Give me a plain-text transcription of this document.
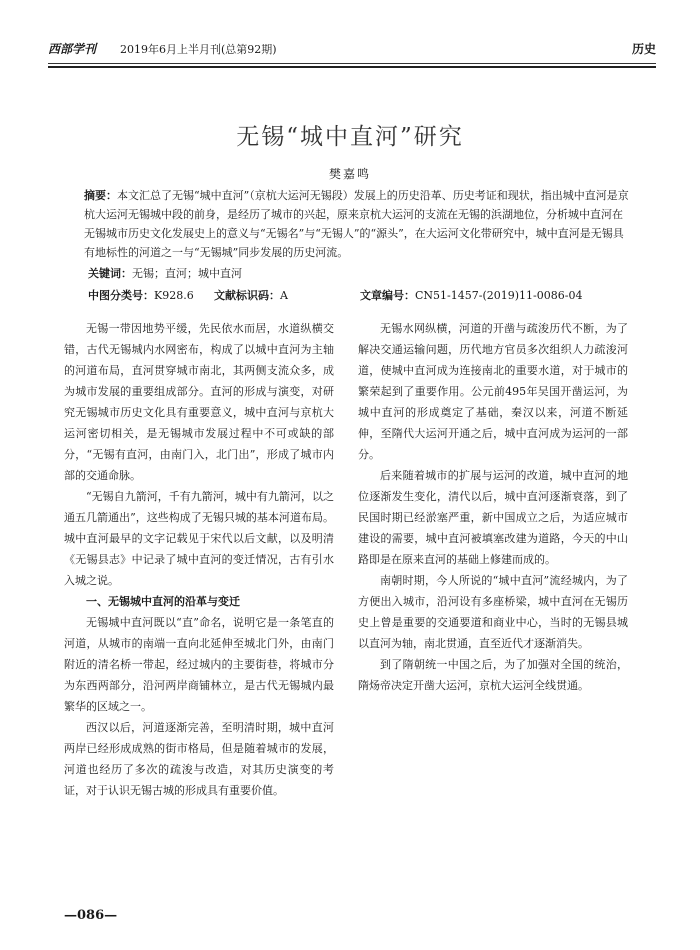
西部学刊 2019年6月上半月刊(总第92期)	历史
无锡“城中直河”研究
樊嘉鸣
摘要：本文汇总了无锡“城中直河”（京杭大运河无锡段）发展上的历史沿革、历史考证和现状，指出城中直河是京杭大运河无锡城中段的前身，是经历了城市的兴起，原来京杭大运河的支流在无锡的浜湖地位，分析城中直河在无锡城市历史文化发展史上的意义与“无锡名”与“无锡人”的“源头”，在大运河文化带研究中，城中直河是无锡具有地标性的河道之一与“无锡城”同步发展的历史河流。
关键词：无锡；直河；城中直河
中图分类号：K928.6 文献标识码：A	文章编号：CN51-1457-(2019)11-0086-04

无锡一带因地势平缓，先民依水而居，水道纵横交错，古代无锡城内水网密布，构成了以城中直河为主轴的河道布局，直河贯穿城市南北，其两侧支流众多，成为城市发展的重要组成部分。直河的形成与演变，对研究无锡城市历史文化具有重要意义，城中直河与京杭大运河密切相关，是无锡城市发展过程中不可或缺的部分，“无锡有直河，由南门入，北门出”，形成了城市内部的交通命脉。

“无锡自九箭河，千有九箭河，城中有九箭河，以之通五几箭通出”，这些构成了无锡只城的基本河道布局。城中直河最早的文字记载见于宋代以后文献，以及明清《无锡县志》中记录了城中直河的变迁情况，古有引水入城之说。

一、无锡城中直河的沿革与变迁

无锡城中直河既以“直”命名，说明它是一条笔直的河道，从城市的南端一直向北延伸至城北门外，由南门附近的清名桥一带起，经过城内的主要街巷，将城市分为东西两部分，沿河两岸商铺林立，是古代无锡城内最繁华的区域之一。

西汉以后，河道逐渐完善，至明清时期，城中直河两岸已经形成成熟的街市格局，但是随着城市的发展，河道也经历了多次的疏浚与改造，对其历史演变的考证，对于认识无锡古城的形成具有重要价值。

无锡水网纵横，河道的开凿与疏浚历代不断，为了解决交通运输问题，历代地方官员多次组织人力疏浚河道，使城中直河成为连接南北的重要水道，对于城市的繁荣起到了重要作用。公元前495年吴国开凿运河，为城中直河的形成奠定了基础，秦汉以来，河道不断延伸，至隋代大运河开通之后，城中直河成为运河的一部分。

后来随着城市的扩展与运河的改道，城中直河的地位逐渐发生变化，清代以后，城中直河逐渐衰落，到了民国时期已经淤塞严重，新中国成立之后，为适应城市建设的需要，城中直河被填塞改建为道路，今天的中山路即是在原来直河的基础上修建而成的。

南朝时期，今人所说的“城中直河”流经城内，为了方便出入城市，沿河设有多座桥梁，城中直河在无锡历史上曾是重要的交通要道和商业中心，当时的无锡县城以直河为轴，南北贯通，直至近代才逐渐消失。

到了隋朝统一中国之后，为了加强对全国的统治，隋炀帝决定开凿大运河，京杭大运河全线贯通。

—086—
